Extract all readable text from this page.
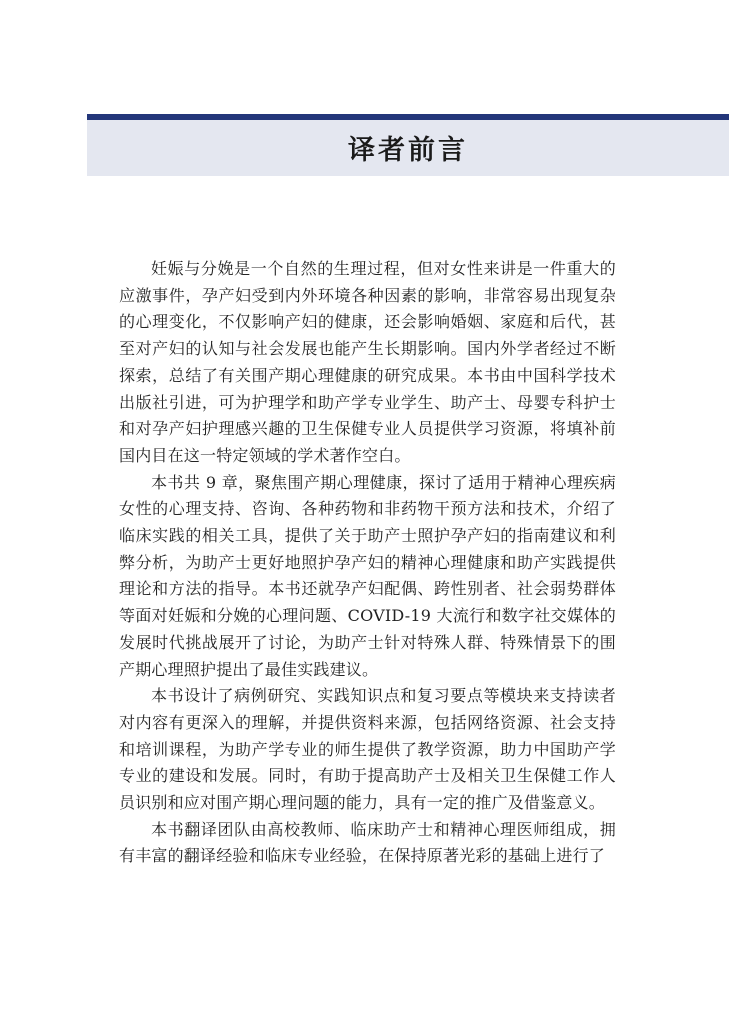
译者前言

妊娠与分娩是一个自然的生理过程，但对女性来讲是一件重大的应激事件，孕产妇受到内外环境各种因素的影响，非常容易出现复杂的心理变化，不仅影响产妇的健康，还会影响婚姻、家庭和后代，甚至对产妇的认知与社会发展也能产生长期影响。国内外学者经过不断探索，总结了有关围产期心理健康的研究成果。本书由中国科学技术出版社引进，可为护理学和助产学专业学生、助产士、母婴专科护士和对孕产妇护理感兴趣的卫生保健专业人员提供学习资源，将填补前国内目在这一特定领域的学术著作空白。

本书共 9 章，聚焦围产期心理健康，探讨了适用于精神心理疾病女性的心理支持、咨询、各种药物和非药物干预方法和技术，介绍了临床实践的相关工具，提供了关于助产士照护孕产妇的指南建议和利弊分析，为助产士更好地照护孕产妇的精神心理健康和助产实践提供理论和方法的指导。本书还就孕产妇配偶、跨性别者、社会弱势群体等面对妊娠和分娩的心理问题、COVID-19 大流行和数字社交媒体的发展时代挑战展开了讨论，为助产士针对特殊人群、特殊情景下的围产期心理照护提出了最佳实践建议。

本书设计了病例研究、实践知识点和复习要点等模块来支持读者对内容有更深入的理解，并提供资料来源，包括网络资源、社会支持和培训课程，为助产学专业的师生提供了教学资源，助力中国助产学专业的建设和发展。同时，有助于提高助产士及相关卫生保健工作人员识别和应对围产期心理问题的能力，具有一定的推广及借鉴意义。

本书翻译团队由高校教师、临床助产士和精神心理医师组成，拥有丰富的翻译经验和临床专业经验，在保持原著光彩的基础上进行了
